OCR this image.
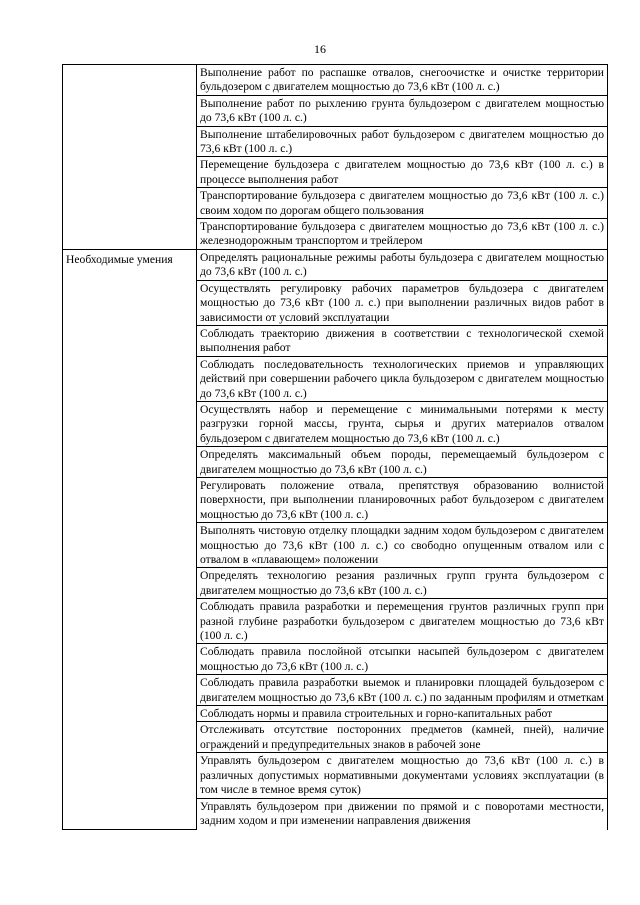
16

	Выполнение работ по распашке отвалов, снегоочистке и очистке территории бульдозером с двигателем мощностью до 73,6 кВт (100 л. с.)

	Выполнение работ по рыхлению грунта бульдозером с двигателем мощностью до 73,6 кВт (100 л. с.)

	Выполнение штабелировочных работ бульдозером с двигателем мощностью до 73,6 кВт (100 л. с.)

	Перемещение бульдозера с двигателем мощностью до 73,6 кВт (100 л. с.) в процессе выполнения работ

	Транспортирование бульдозера с двигателем мощностью до 73,6 кВт (100 л. с.) своим ходом по дорогам общего пользования

	Транспортирование бульдозера с двигателем мощностью до 73,6 кВт (100 л. с.) железнодорожным транспортом и трейлером

Необходимые умения	Определять рациональные режимы работы бульдозера с двигателем мощностью до 73,6 кВт (100 л. с.)

	Осуществлять регулировку рабочих параметров бульдозера с двигателем мощностью до 73,6 кВт (100 л. с.) при выполнении различных видов работ в зависимости от условий эксплуатации

	Соблюдать траекторию движения в соответствии с технологической схемой выполнения работ

	Соблюдать последовательность технологических приемов и управляющих действий при совершении рабочего цикла бульдозером с двигателем мощностью до 73,6 кВт (100 л. с.)

	Осуществлять набор и перемещение с минимальными потерями к месту разгрузки горной массы, грунта, сырья и других материалов отвалом бульдозером с двигателем мощностью до 73,6 кВт (100 л. с.)

	Определять максимальный объем породы, перемещаемый бульдозером с двигателем мощностью до 73,6 кВт (100 л. с.)

	Регулировать положение отвала, препятствуя образованию волнистой поверхности, при выполнении планировочных работ бульдозером с двигателем мощностью до 73,6 кВт (100 л. с.)

	Выполнять чистовую отделку площадки задним ходом бульдозером с двигателем мощностью до 73,6 кВт (100 л. с.) со свободно опущенным отвалом или с отвалом в «плавающем» положении

	Определять технологию резания различных групп грунта бульдозером с двигателем мощностью до 73,6 кВт (100 л. с.)

	Соблюдать правила разработки и перемещения грунтов различных групп при разной глубине разработки бульдозером с двигателем мощностью до 73,6 кВт (100 л. с.)

	Соблюдать правила послойной отсыпки насыпей бульдозером с двигателем мощностью до 73,6 кВт (100 л. с.)

	Соблюдать правила разработки выемок и планировки площадей бульдозером с двигателем мощностью до 73,6 кВт (100 л. с.) по заданным профилям и отметкам

	Соблюдать нормы и правила строительных и горно-капитальных работ

	Отслеживать отсутствие посторонних предметов (камней, пней), наличие ограждений и предупредительных знаков в рабочей зоне

	Управлять бульдозером с двигателем мощностью до 73,6 кВт (100 л. с.) в различных допустимых нормативными документами условиях эксплуатации (в том числе в темное время суток)

	Управлять бульдозером при движении по прямой и с поворотами местности, задним ходом и при изменении направления движения
